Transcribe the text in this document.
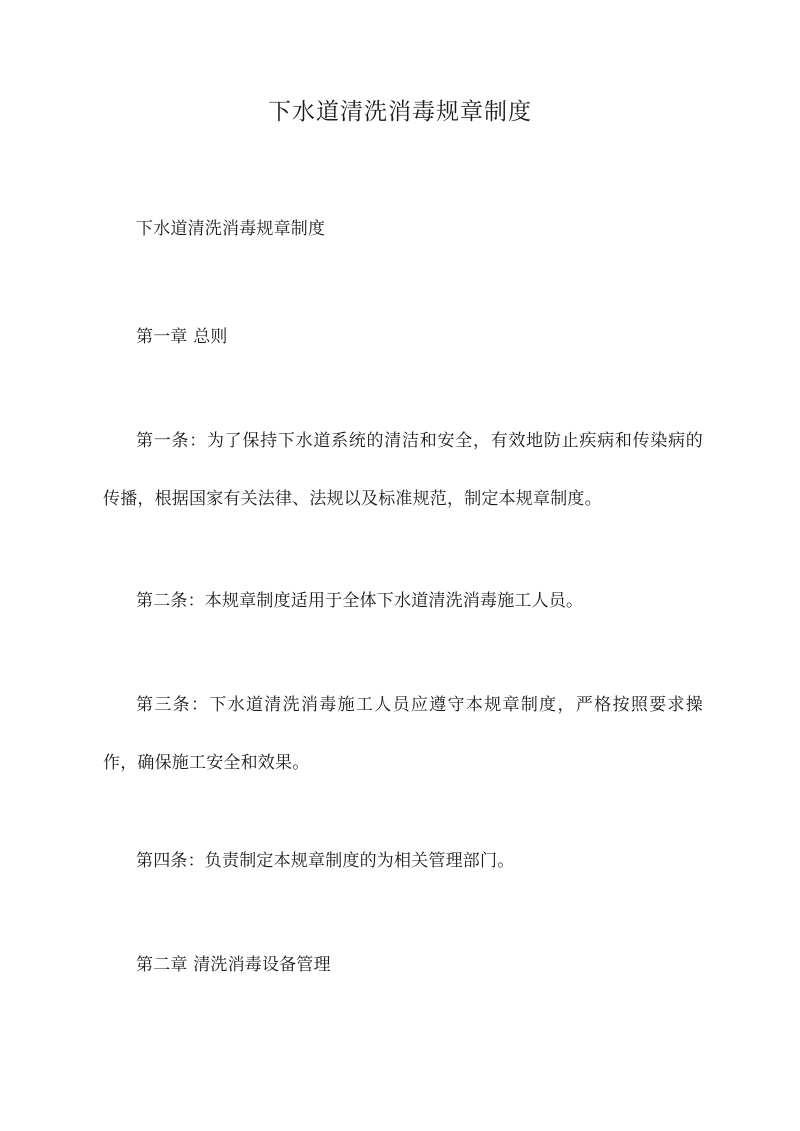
下水道清洗消毒规章制度

下水道清洗消毒规章制度

第一章 总则

第一条：为了保持下水道系统的清洁和安全，有效地防止疾病和传染病的传播，根据国家有关法律、法规以及标准规范，制定本规章制度。

第二条：本规章制度适用于全体下水道清洗消毒施工人员。

第三条：下水道清洗消毒施工人员应遵守本规章制度，严格按照要求操作，确保施工安全和效果。

第四条：负责制定本规章制度的为相关管理部门。

第二章 清洗消毒设备管理
